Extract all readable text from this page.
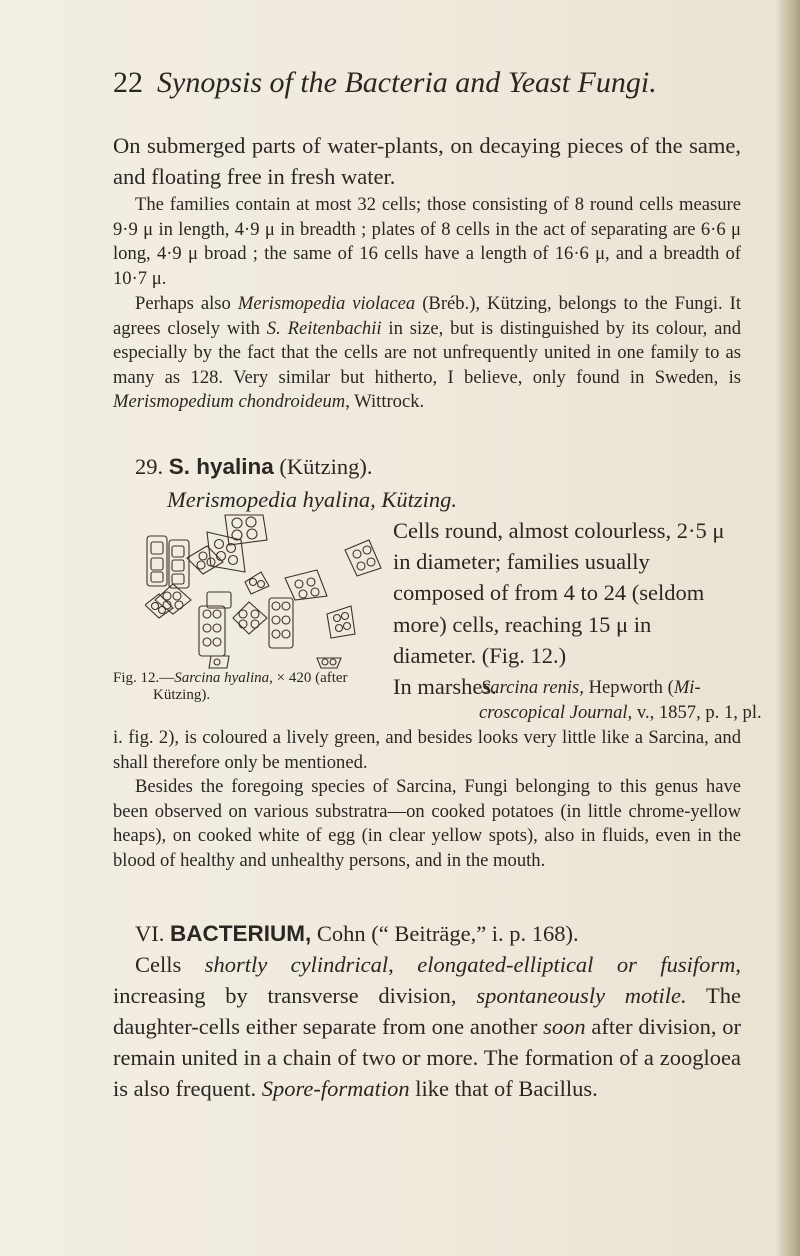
22 Synopsis of the Bacteria and Yeast Fungi.

On submerged parts of water-plants, on decaying pieces of the same, and floating free in fresh water.

The families contain at most 32 cells; those consisting of 8 round cells measure 9·9 μ in length, 4·9 μ in breadth ; plates of 8 cells in the act of separating are 6·6 μ long, 4·9 μ broad ; the same of 16 cells have a length of 16·6 μ, and a breadth of 10·7 μ.

Perhaps also Merismopedia violacea (Bréb.), Kützing, belongs to the Fungi. It agrees closely with S. Reitenbachii in size, but is distinguished by its colour, and especially by the fact that the cells are not unfrequently united in one family to as many as 128. Very similar but hitherto, I believe, only found in Sweden, is Merismopedium chondroideum, Wittrock.

29. S. hyalina (Kützing).
Merismopedia hyalina, Kützing.

Cells round, almost colourless, 2·5 μ in diameter; families usually composed of from 4 to 24 (seldom more) cells, reaching 15 μ in diameter. (Fig. 12.)

In marshes.

Fig. 12.—Sarcina hyalina, × 420 (after
Kützing).	Sarcina renis, Hepworth (Mi-
croscopical Journal, v., 1857, p. 1, pl.

i. fig. 2), is coloured a lively green, and besides looks very little like a Sarcina, and shall therefore only be mentioned.

Besides the foregoing species of Sarcina, Fungi belonging to this genus have been observed on various substratra—on cooked potatoes (in little chrome-yellow heaps), on cooked white of egg (in clear yellow spots), also in fluids, even in the blood of healthy and unhealthy persons, and in the mouth.

VI. BACTERIUM, Cohn (“ Beiträge,” i. p. 168).

Cells shortly cylindrical, elongated-elliptical or fusiform, increasing by transverse division, spontaneously motile. The daughter-cells either separate from one another soon after division, or remain united in a chain of two or more. The formation of a zoogloea is also frequent. Spore-formation like that of Bacillus.
